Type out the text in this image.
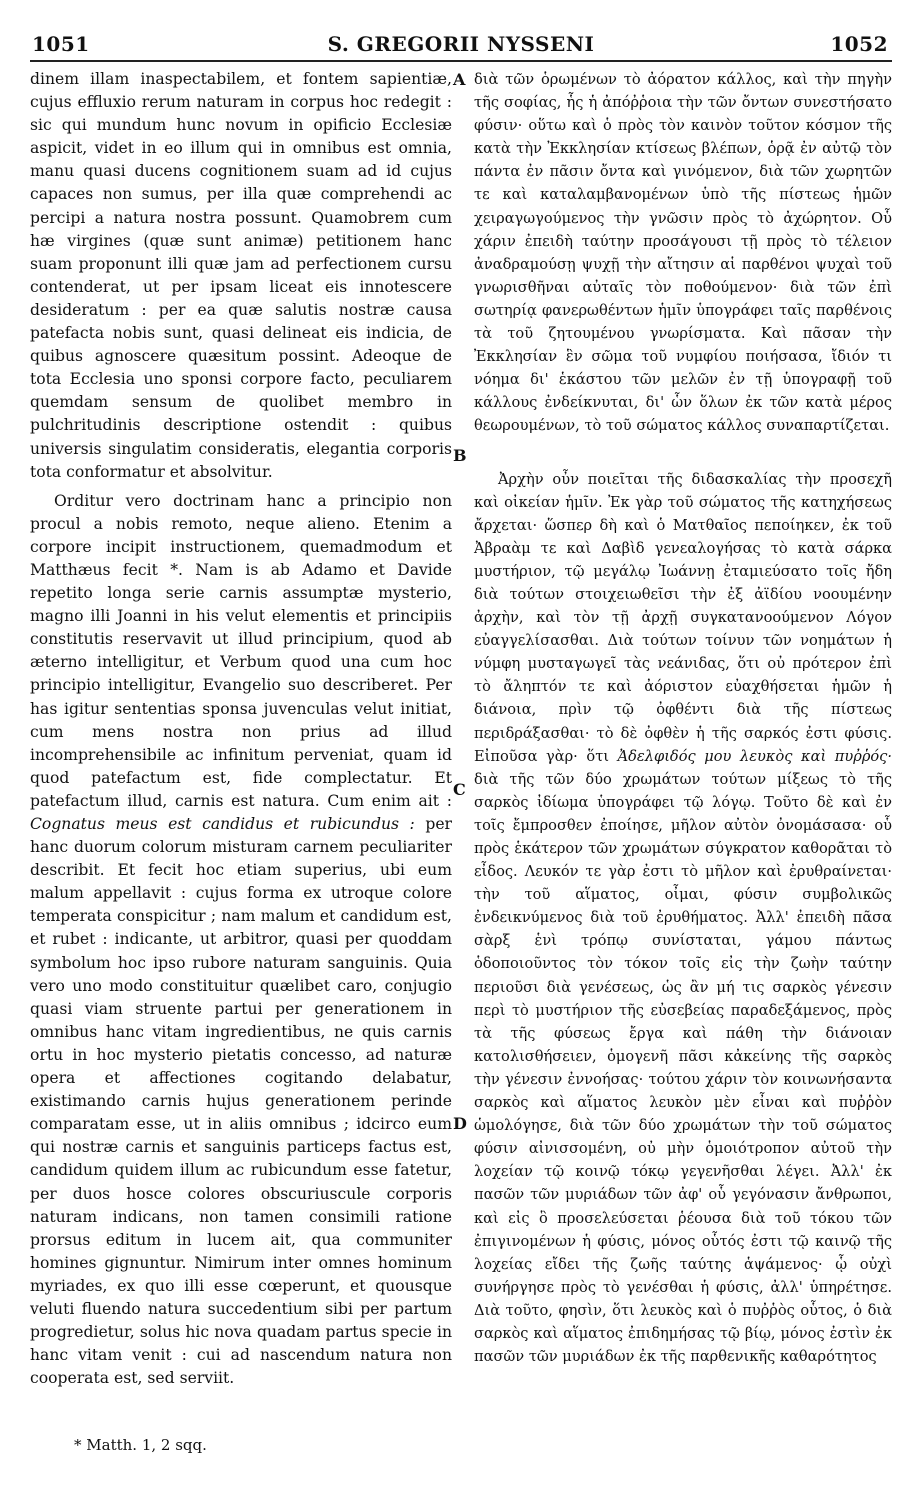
1051	S. GREGORII NYSSENI	1052

dinem illam inaspectabilem, et fontem sapientiæ, cujus effluxio rerum naturam in corpus hoc redegit : sic qui mundum hunc novum in opificio Ecclesiæ aspicit, videt in eo illum qui in omnibus est omnia, manu quasi ducens cognitionem suam ad id cujus capaces non sumus, per illa quæ comprehendi ac percipi a natura nostra possunt. Quamobrem cum hæ virgines (quæ sunt animæ) petitionem hanc suam proponunt illi quæ jam ad perfectionem cursu contenderat, ut per ipsam liceat eis innotescere desideratum : per ea quæ salutis nostræ causa patefacta nobis sunt, quasi delineat eis indicia, de quibus agnoscere quæsitum possint. Adeoque de tota Ecclesia uno sponsi corpore facto, peculiarem quemdam sensum de quolibet membro in pulchritudinis descriptione ostendit : quibus universis singulatim consideratis, elegantia corporis tota conformatur et absolvitur.

Orditur vero doctrinam hanc a principio non procul a nobis remoto, neque alieno. Etenim a corpore incipit instructionem, quemadmodum et Matthæus fecit *. Nam is ab Adamo et Davide repetito longa serie carnis assumptæ mysterio, magno illi Joanni in his velut elementis et principiis constitutis reservavit ut illud principium, quod ab æterno intelligitur, et Verbum quod una cum hoc principio intelligitur, Evangelio suo describeret. Per has igitur sententias sponsa juvenculas velut initiat, cum mens nostra non prius ad illud incomprehensibile ac infinitum perveniat, quam id quod patefactum est, fide complectatur. Et patefactum illud, carnis est natura. Cum enim ait : Cognatus meus est candidus et rubicundus : per hanc duorum colorum misturam carnem peculiariter describit. Et fecit hoc etiam superius, ubi eum malum appellavit : cujus forma ex utroque colore temperata conspicitur ; nam malum et candidum est, et rubet : indicante, ut arbitror, quasi per quoddam symbolum hoc ipso rubore naturam sanguinis. Quia vero uno modo constituitur quælibet caro, conjugio quasi viam struente partui per generationem in omnibus hanc vitam ingredientibus, ne quis carnis ortu in hoc mysterio pietatis concesso, ad naturæ opera et affectiones cogitando delabatur, existimando carnis hujus generationem perinde comparatam esse, ut in aliis omnibus ; idcirco eum qui nostræ carnis et sanguinis particeps factus est, candidum quidem illum ac rubicundum esse fatetur, per duos hosce colores obscuriuscule corporis naturam indicans, non tamen consimili ratione prorsus editum in lucem ait, qua communiter homines gignuntur. Nimirum inter omnes hominum myriades, ex quo illi esse cœperunt, et quousque veluti fluendo natura succedentium sibi per partum progredietur, solus hic nova quadam partus specie in hanc vitam venit : cui ad nascendum natura non cooperata est, sed serviit.

A
B
C
D

διὰ τῶν ὁρωμένων τὸ ἀόρατον κάλλος, καὶ τὴν πηγὴν τῆς σοφίας, ἧς ἡ ἀπόῤῥοια τὴν τῶν ὄντων συνεστήσατο φύσιν· οὕτω καὶ ὁ πρὸς τὸν καινὸν τοῦτον κόσμον τῆς κατὰ τὴν Ἐκκλησίαν κτίσεως βλέπων, ὁρᾷ ἐν αὐτῷ τὸν πάντα ἐν πᾶσιν ὄντα καὶ γινόμενον, διὰ τῶν χωρητῶν τε καὶ καταλαμβανομένων ὑπὸ τῆς πίστεως ἡμῶν χειραγωγούμενος τὴν γνῶσιν πρὸς τὸ ἀχώρητον. Οὗ χάριν ἐπειδὴ ταύτην προσάγουσι τῇ πρὸς τὸ τέλειον ἀναδραμούσῃ ψυχῇ τὴν αἴτησιν αἱ παρθένοι ψυχαὶ τοῦ γνωρισθῆναι αὐταῖς τὸν ποθούμενον· διὰ τῶν ἐπὶ σωτηρίᾳ φανερωθέντων ἡμῖν ὑπογράφει ταῖς παρθένοις τὰ τοῦ ζητουμένου γνωρίσματα. Καὶ πᾶσαν τὴν Ἐκκλησίαν ἓν σῶμα τοῦ νυμφίου ποιήσασα, ἴδιόν τι νόημα δι' ἑκάστου τῶν μελῶν ἐν τῇ ὑπογραφῇ τοῦ κάλλους ἐνδείκνυται, δι' ὧν ὅλων ἐκ τῶν κατὰ μέρος θεωρουμένων, τὸ τοῦ σώματος κάλλος συναπαρτίζεται.

Ἀρχὴν οὖν ποιεῖται τῆς διδασκαλίας τὴν προσεχῆ καὶ οἰκείαν ἡμῖν. Ἐκ γὰρ τοῦ σώματος τῆς κατηχήσεως ἄρχεται· ὥσπερ δὴ καὶ ὁ Ματθαῖος πεποίηκεν, ἐκ τοῦ Ἀβραὰμ τε καὶ Δαβὶδ γενεαλογήσας τὸ κατὰ σάρκα μυστήριον, τῷ μεγάλῳ Ἰωάννῃ ἐταμιεύσατο τοῖς ἤδη διὰ τούτων στοιχειωθεῖσι τὴν ἐξ ἀϊδίου νοουμένην ἀρχὴν, καὶ τὸν τῇ ἀρχῇ συγκατανοούμενον Λόγον εὐαγγελίσασθαι. Διὰ τούτων τοίνυν τῶν νοημάτων ἡ νύμφη μυσταγωγεῖ τὰς νεάνιδας, ὅτι οὐ πρότερον ἐπὶ τὸ ἄληπτόν τε καὶ ἀόριστον εὐαχθήσεται ἡμῶν ἡ διάνοια, πρὶν τῷ ὀφθέντι διὰ τῆς πίστεως περιδράξασθαι· τὸ δὲ ὀφθὲν ἡ τῆς σαρκός ἐστι φύσις. Εἰποῦσα γὰρ· ὅτι Ἀδελφιδός μου λευκὸς καὶ πυῤῥός· διὰ τῆς τῶν δύο χρωμάτων τούτων μίξεως τὸ τῆς σαρκὸς ἰδίωμα ὑπογράφει τῷ λόγῳ. Τοῦτο δὲ καὶ ἐν τοῖς ἔμπροσθεν ἐποίησε, μῆλον αὐτὸν ὀνομάσασα· οὗ πρὸς ἑκάτερον τῶν χρωμάτων σύγκρατον καθορᾶται τὸ εἶδος. Λευκόν τε γὰρ ἐστι τὸ μῆλον καὶ ἐρυθραίνεται· τὴν τοῦ αἵματος, οἶμαι, φύσιν συμβολικῶς ἐνδεικνύμενος διὰ τοῦ ἐρυθήματος. Ἀλλ' ἐπειδὴ πᾶσα σὰρξ ἑνὶ τρόπῳ συνίσταται, γάμου πάντως ὁδοποιοῦντος τὸν τόκον τοῖς εἰς τὴν ζωὴν ταύτην περιοῦσι διὰ γενέσεως, ὡς ἂν μή τις σαρκὸς γένεσιν περὶ τὸ μυστήριον τῆς εὐσεβείας παραδεξάμενος, πρὸς τὰ τῆς φύσεως ἔργα καὶ πάθη τὴν διάνοιαν κατολισθήσειεν, ὁμογενῆ πᾶσι κἀκείνης τῆς σαρκὸς τὴν γένεσιν ἐννοήσας· τούτου χάριν τὸν κοινωνήσαντα σαρκὸς καὶ αἵματος λευκὸν μὲν εἶναι καὶ πυῤῥὸν ὡμολόγησε, διὰ τῶν δύο χρωμάτων τὴν τοῦ σώματος φύσιν αἰνισσομένη, οὐ μὴν ὁμοιότροπον αὐτοῦ τὴν λοχείαν τῷ κοινῷ τόκῳ γεγενῆσθαι λέγει. Ἀλλ' ἐκ πασῶν τῶν μυριάδων τῶν ἀφ' οὗ γεγόνασιν ἄνθρωποι, καὶ εἰς ὃ προσελεύσεται ῥέουσα διὰ τοῦ τόκου τῶν ἐπιγινομένων ἡ φύσις, μόνος οὗτός ἐστι τῷ καινῷ τῆς λοχείας εἴδει τῆς ζωῆς ταύτης ἁψάμενος· ᾧ οὐχὶ συνήργησε πρὸς τὸ γενέσθαι ἡ φύσις, ἀλλ' ὑπηρέτησε. Διὰ τοῦτο, φησὶν, ὅτι λευκὸς καὶ ὁ πυῤῥὸς οὗτος, ὁ διὰ σαρκὸς καὶ αἵματος ἐπιδημήσας τῷ βίῳ, μόνος ἐστὶν ἐκ πασῶν τῶν μυριάδων ἐκ τῆς παρθενικῆς καθαρότητος

* Matth. 1, 2 sqq.
